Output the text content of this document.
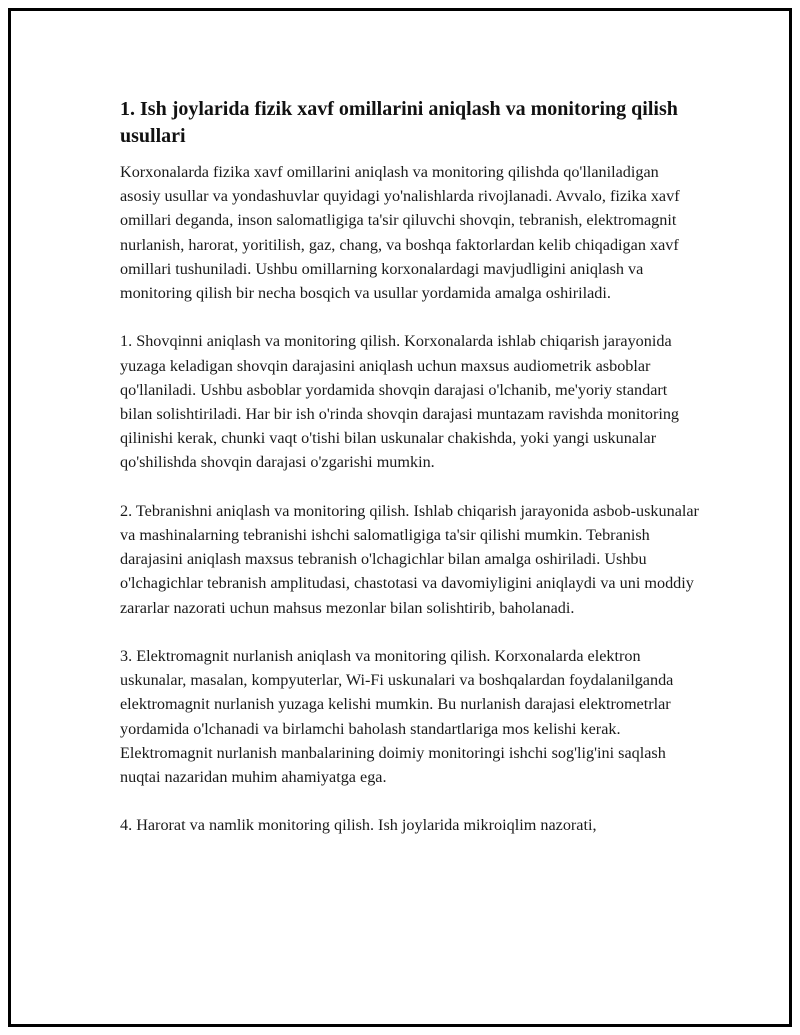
1. Ish joylarida fizik xavf omillarini aniqlash va monitoring qilish usullari

Korxonalarda fizika xavf omillarini aniqlash va monitoring qilishda qo'llaniladigan asosiy usullar va yondashuvlar quyidagi yo'nalishlarda rivojlanadi. Avvalo, fizika xavf omillari deganda, inson salomatligiga ta'sir qiluvchi shovqin, tebranish, elektromagnit nurlanish, harorat, yoritilish, gaz, chang, va boshqa faktorlardan kelib chiqadigan xavf omillari tushuniladi. Ushbu omillarning korxonalardagi mavjudligini aniqlash va monitoring qilish bir necha bosqich va usullar yordamida amalga oshiriladi.

1. Shovqinni aniqlash va monitoring qilish. Korxonalarda ishlab chiqarish jarayonida yuzaga keladigan shovqin darajasini aniqlash uchun maxsus audiometrik asboblar qo'llaniladi. Ushbu asboblar yordamida shovqin darajasi o'lchanib, me'yoriy standart bilan solishtiriladi. Har bir ish o'rinda shovqin darajasi muntazam ravishda monitoring qilinishi kerak, chunki vaqt o'tishi bilan uskunalar chakishda, yoki yangi uskunalar qo'shilishda shovqin darajasi o'zgarishi mumkin.

2. Tebranishni aniqlash va monitoring qilish. Ishlab chiqarish jarayonida asbob-uskunalar va mashinalarning tebranishi ishchi salomatligiga ta'sir qilishi mumkin. Tebranish darajasini aniqlash maxsus tebranish o'lchagichlar bilan amalga oshiriladi. Ushbu o'lchagichlar tebranish amplitudasi, chastotasi va davomiyligini aniqlaydi va uni moddiy zararlar nazorati uchun mahsus mezonlar bilan solishtirib, baholanadi.

3. Elektromagnit nurlanish aniqlash va monitoring qilish. Korxonalarda elektron uskunalar, masalan, kompyuterlar, Wi-Fi uskunalari va boshqalardan foydalanilganda elektromagnit nurlanish yuzaga kelishi mumkin. Bu nurlanish darajasi elektrometrlar yordamida o'lchanadi va birlamchi baholash standartlariga mos kelishi kerak. Elektromagnit nurlanish manbalarining doimiy monitoringi ishchi sog'lig'ini saqlash nuqtai nazaridan muhim ahamiyatga ega.

4. Harorat va namlik monitoring qilish. Ish joylarida mikroiqlim nazorati,
